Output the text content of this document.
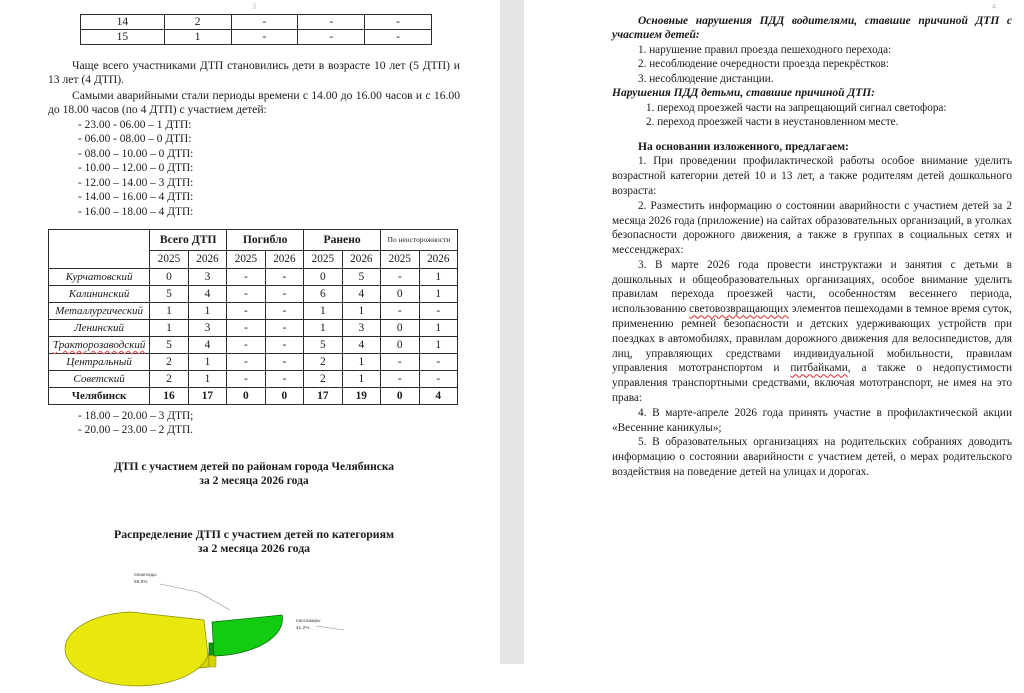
3
14	2	-	-	-
15	1	-	-	-

Чаще всего участниками ДТП становились дети в возрасте 10 лет (5 ДТП) и 13 лет (4 ДТП).

Самыми аварийными стали периоды времени с 14.00 до 16.00 часов и с 16.00 до 18.00 часов (по 4 ДТП) с участием детей:

- 23.00 - 06.00 – 1 ДТП:
- 06.00 - 08.00 – 0 ДТП:
- 08.00 – 10.00 – 0 ДТП:
- 10.00 – 12.00 – 0 ДТП:
- 12.00 – 14.00 – 3 ДТП:
- 14.00 – 16.00 – 4 ДТП:
- 16.00 – 18.00 – 4 ДТП:
	Всего ДТП		Погибло		Ранено		По неосторожности	
	2025	2026	2025	2026	2025	2026	2025	2026
Курчатовский	0	3	-	-	0	5	-	1
Калининский	5	4	-	-	6	4	0	1
Металлургический	1	1	-	-	1	1	-	-
Ленинский	1	3	-	-	1	3	0	1
Тракторозаводский	5	4	-	-	5	4	0	1
Центральный	2	1	-	-	2	1	-	-
Советский	2	1	-	-	2	1	-	-
Челябинск	16	17	0	0	17	19	0	4
- 18.00 – 20.00 – 3 ДТП;
- 20.00 – 23.00 – 2 ДТП.
ДТП с участием детей по районам города Челябинска
за 2 месяца 2026 года
Распределение ДТП с участием детей по категориям
за 2 месяца 2026 года
пешеходы
58,8%
пассажиры
41,2%
4
Основные нарушения ПДД водителями, ставшие причиной ДТП с
участием детей:
1. нарушение правил проезда пешеходного перехода:
2. несоблюдение очередности проезда перекрёстков:
3. несоблюдение дистанции.
Нарушения ПДД детьми, ставшие причиной ДТП:
1. переход проезжей части на запрещающий сигнал светофора:
2. переход проезжей части в неустановленном месте.
На основании изложенного, предлагаем:

1. При проведении профилактической работы особое внимание уделить возрастной категории детей 10 и 13 лет, а также родителям детей дошкольного возраста:

2. Разместить информацию о состоянии аварийности с участием детей за 2 месяца 2026 года (приложение) на сайтах образовательных организаций, в уголках безопасности дорожного движения, а также в группах в социальных сетях и мессенджерах:

3. В марте 2026 года провести инструктажи и занятия с детьми в дошкольных и общеобразовательных организациях, особое внимание уделить правилам перехода проезжей части, особенностям весеннего периода, использованию световозвращающих элементов пешеходами в темное время суток, применению ремней безопасности и детских удерживающих устройств при поездках в автомобилях, правилам дорожного движения для велосипедистов, для лиц, управляющих средствами индивидуальной мобильности, правилам управления мототранспортом и питбайками, а также о недопустимости управления транспортными средствами, включая мототранспорт, не имея на это права:

4. В марте-апреле 2026 года принять участие в профилактической акции «Весенние каникулы»;

5. В образовательных организациях на родительских собраниях доводить информацию о состоянии аварийности с участием детей, о мерах родительского воздействия на поведение детей на улицах и дорогах.
